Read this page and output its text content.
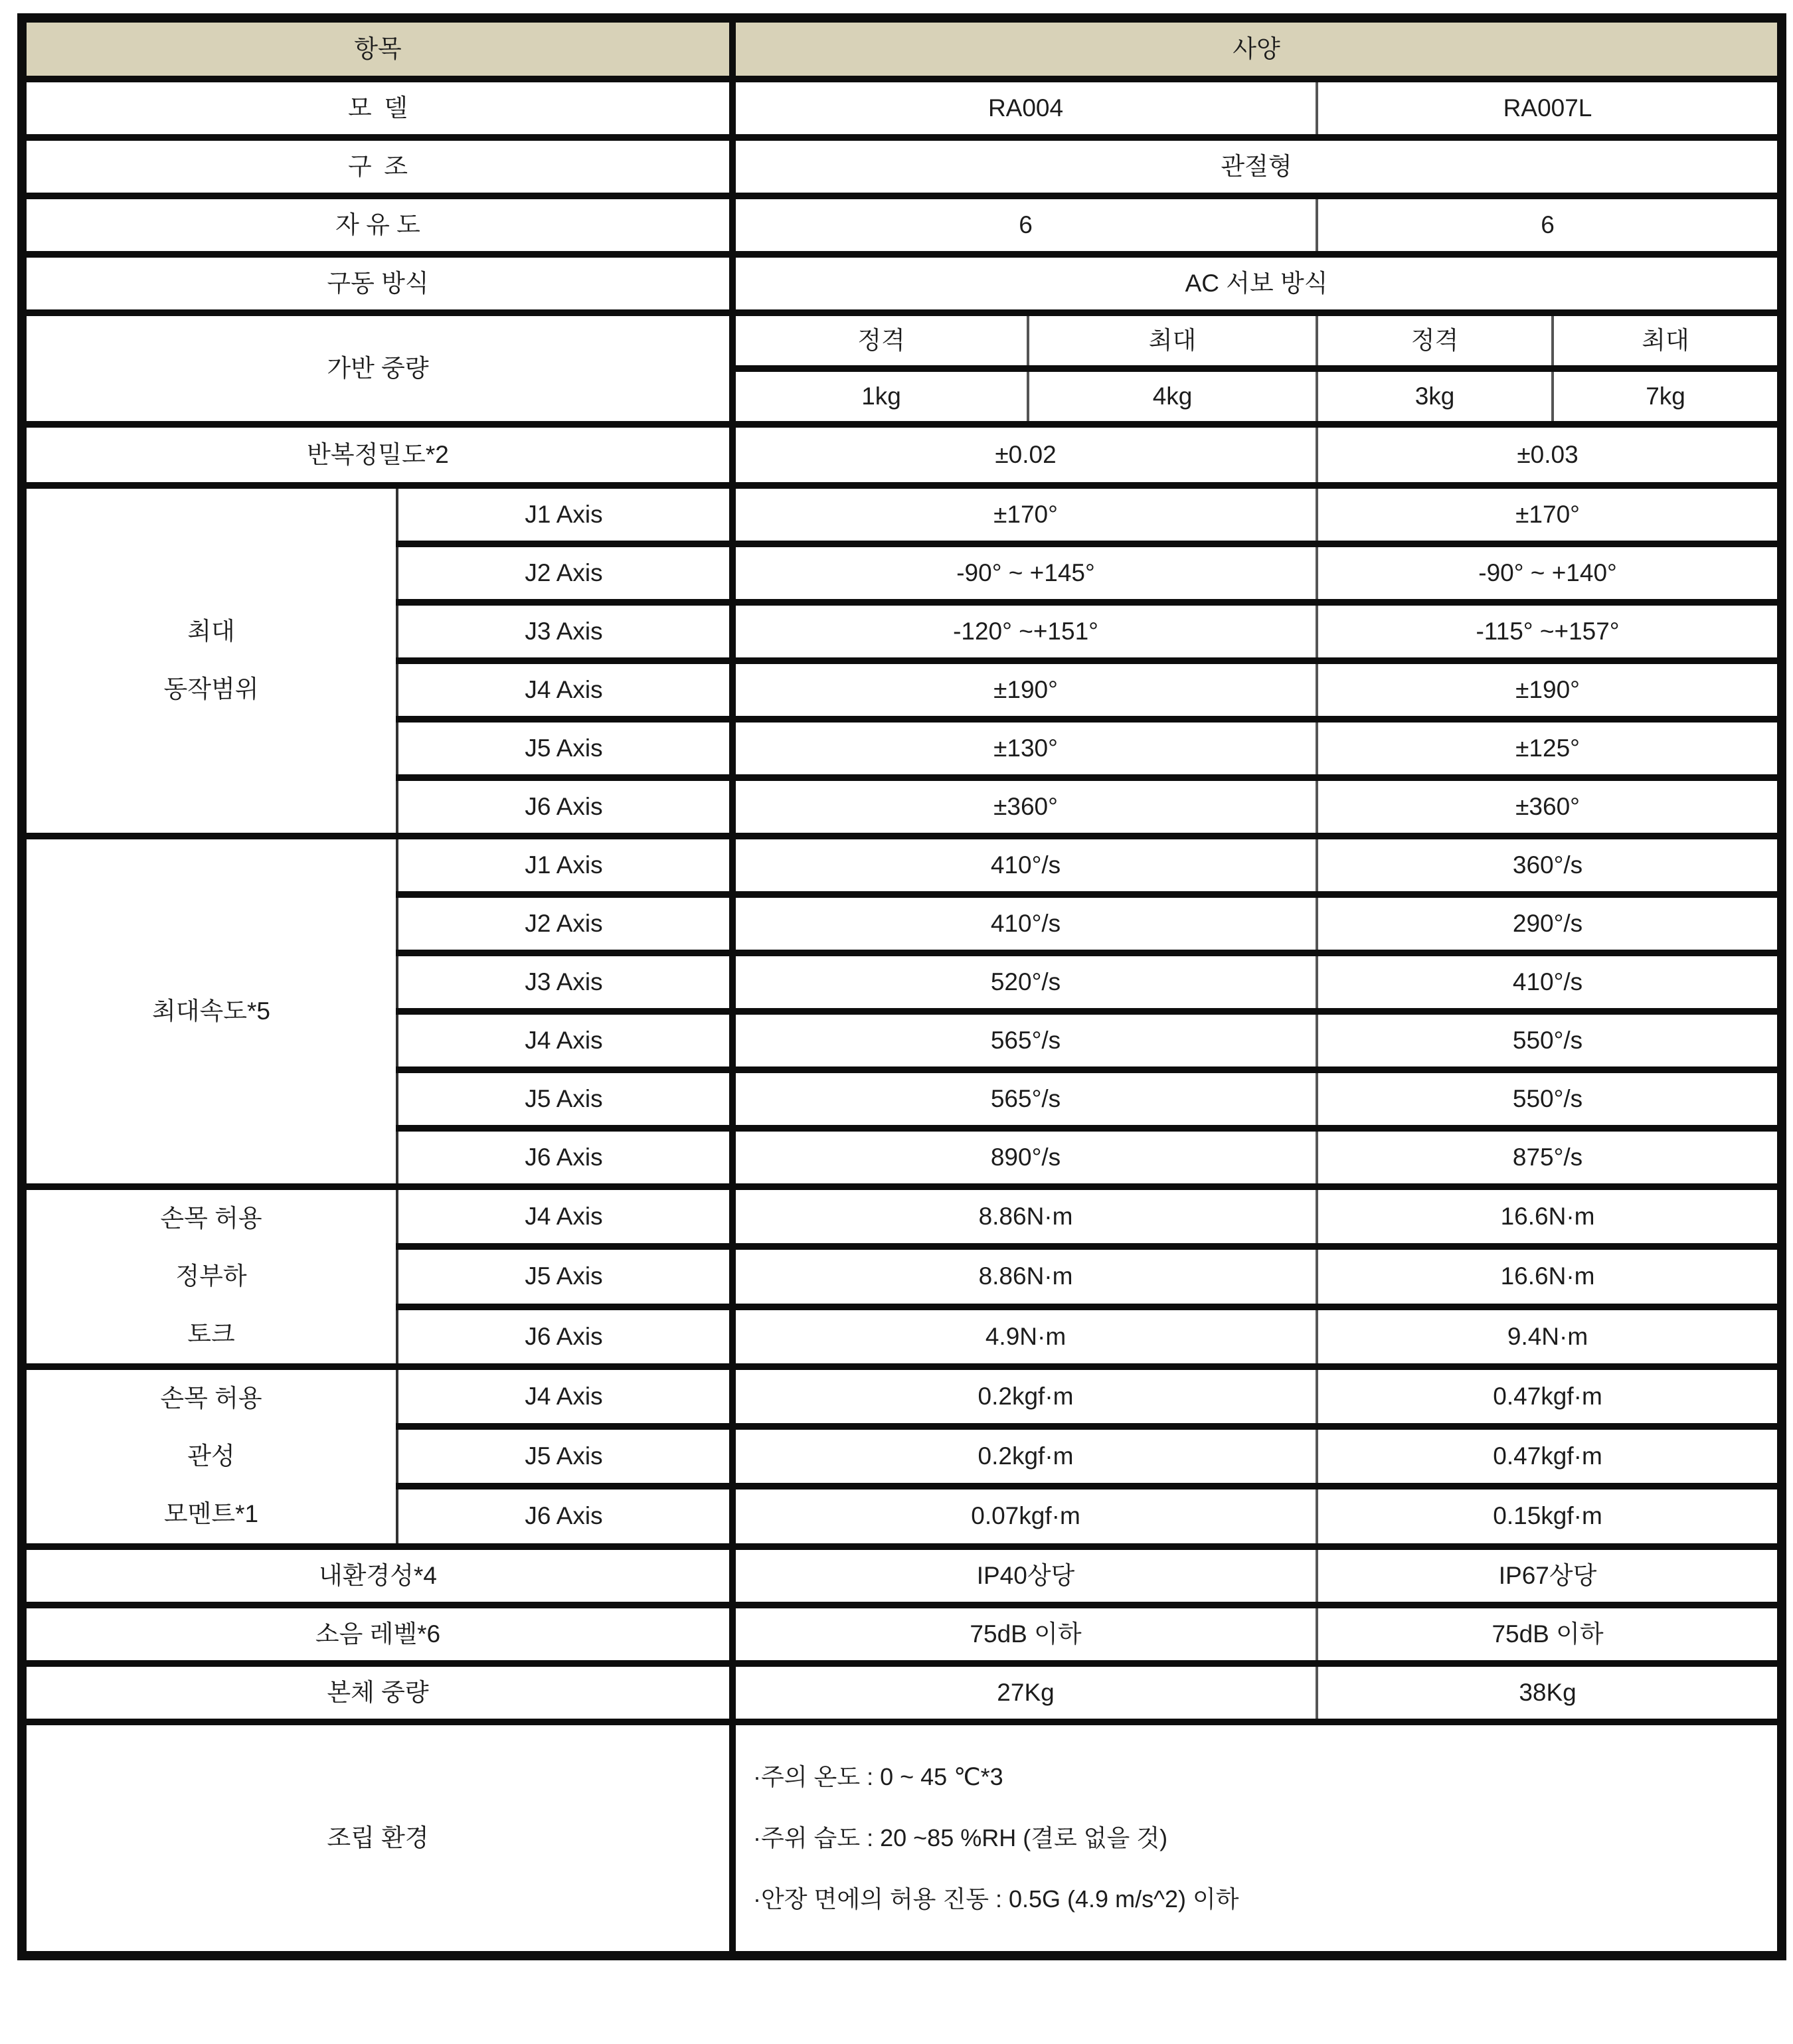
항목		사양			
모 델		RA004		RA007L	
구 조		관절형			
자 유 도		6		6	
구동 방식		AC 서보 방식			
가반 중량		정격	최대	정격	최대
		1kg	4kg	3kg	7kg
반복정밀도*2		±0.02		±0.03	

최대
동작범위	J1 Axis	±170°		±170°	
	J2 Axis	-90° ~ +145°		-90° ~ +140°	
	J3 Axis	-120° ~+151°		-115° ~+157°	
	J4 Axis	±190°		±190°	
	J5 Axis	±130°		±125°	
	J6 Axis	±360°		±360°	
최대속도*5	J1 Axis	410°/s		360°/s	
	J2 Axis	410°/s		290°/s	
	J3 Axis	520°/s		410°/s	
	J4 Axis	565°/s		550°/s	
	J5 Axis	565°/s		550°/s	
	J6 Axis	890°/s		875°/s	

손목 허용
정부하
토크	J4 Axis	8.86N·m		16.6N·m	
	J5 Axis	8.86N·m		16.6N·m	
	J6 Axis	4.9N·m		9.4N·m	

손목 허용
관성
모멘트*1	J4 Axis	0.2kgf·m		0.47kgf·m	
	J5 Axis	0.2kgf·m		0.47kgf·m	
	J6 Axis	0.07kgf·m		0.15kgf·m	
내환경성*4		IP40상당		IP67상당	
소음 레벨*6		75dB 이하		75dB 이하	
본체 중량		27Kg		38Kg	
조립 환경		·주의 온도 : 0 ~ 45 ℃*3
·주위 습도 : 20 ~85 %RH (결로 없을 것)
·안장 면에의 허용 진동 : 0.5G (4.9 m/s^2) 이하			
